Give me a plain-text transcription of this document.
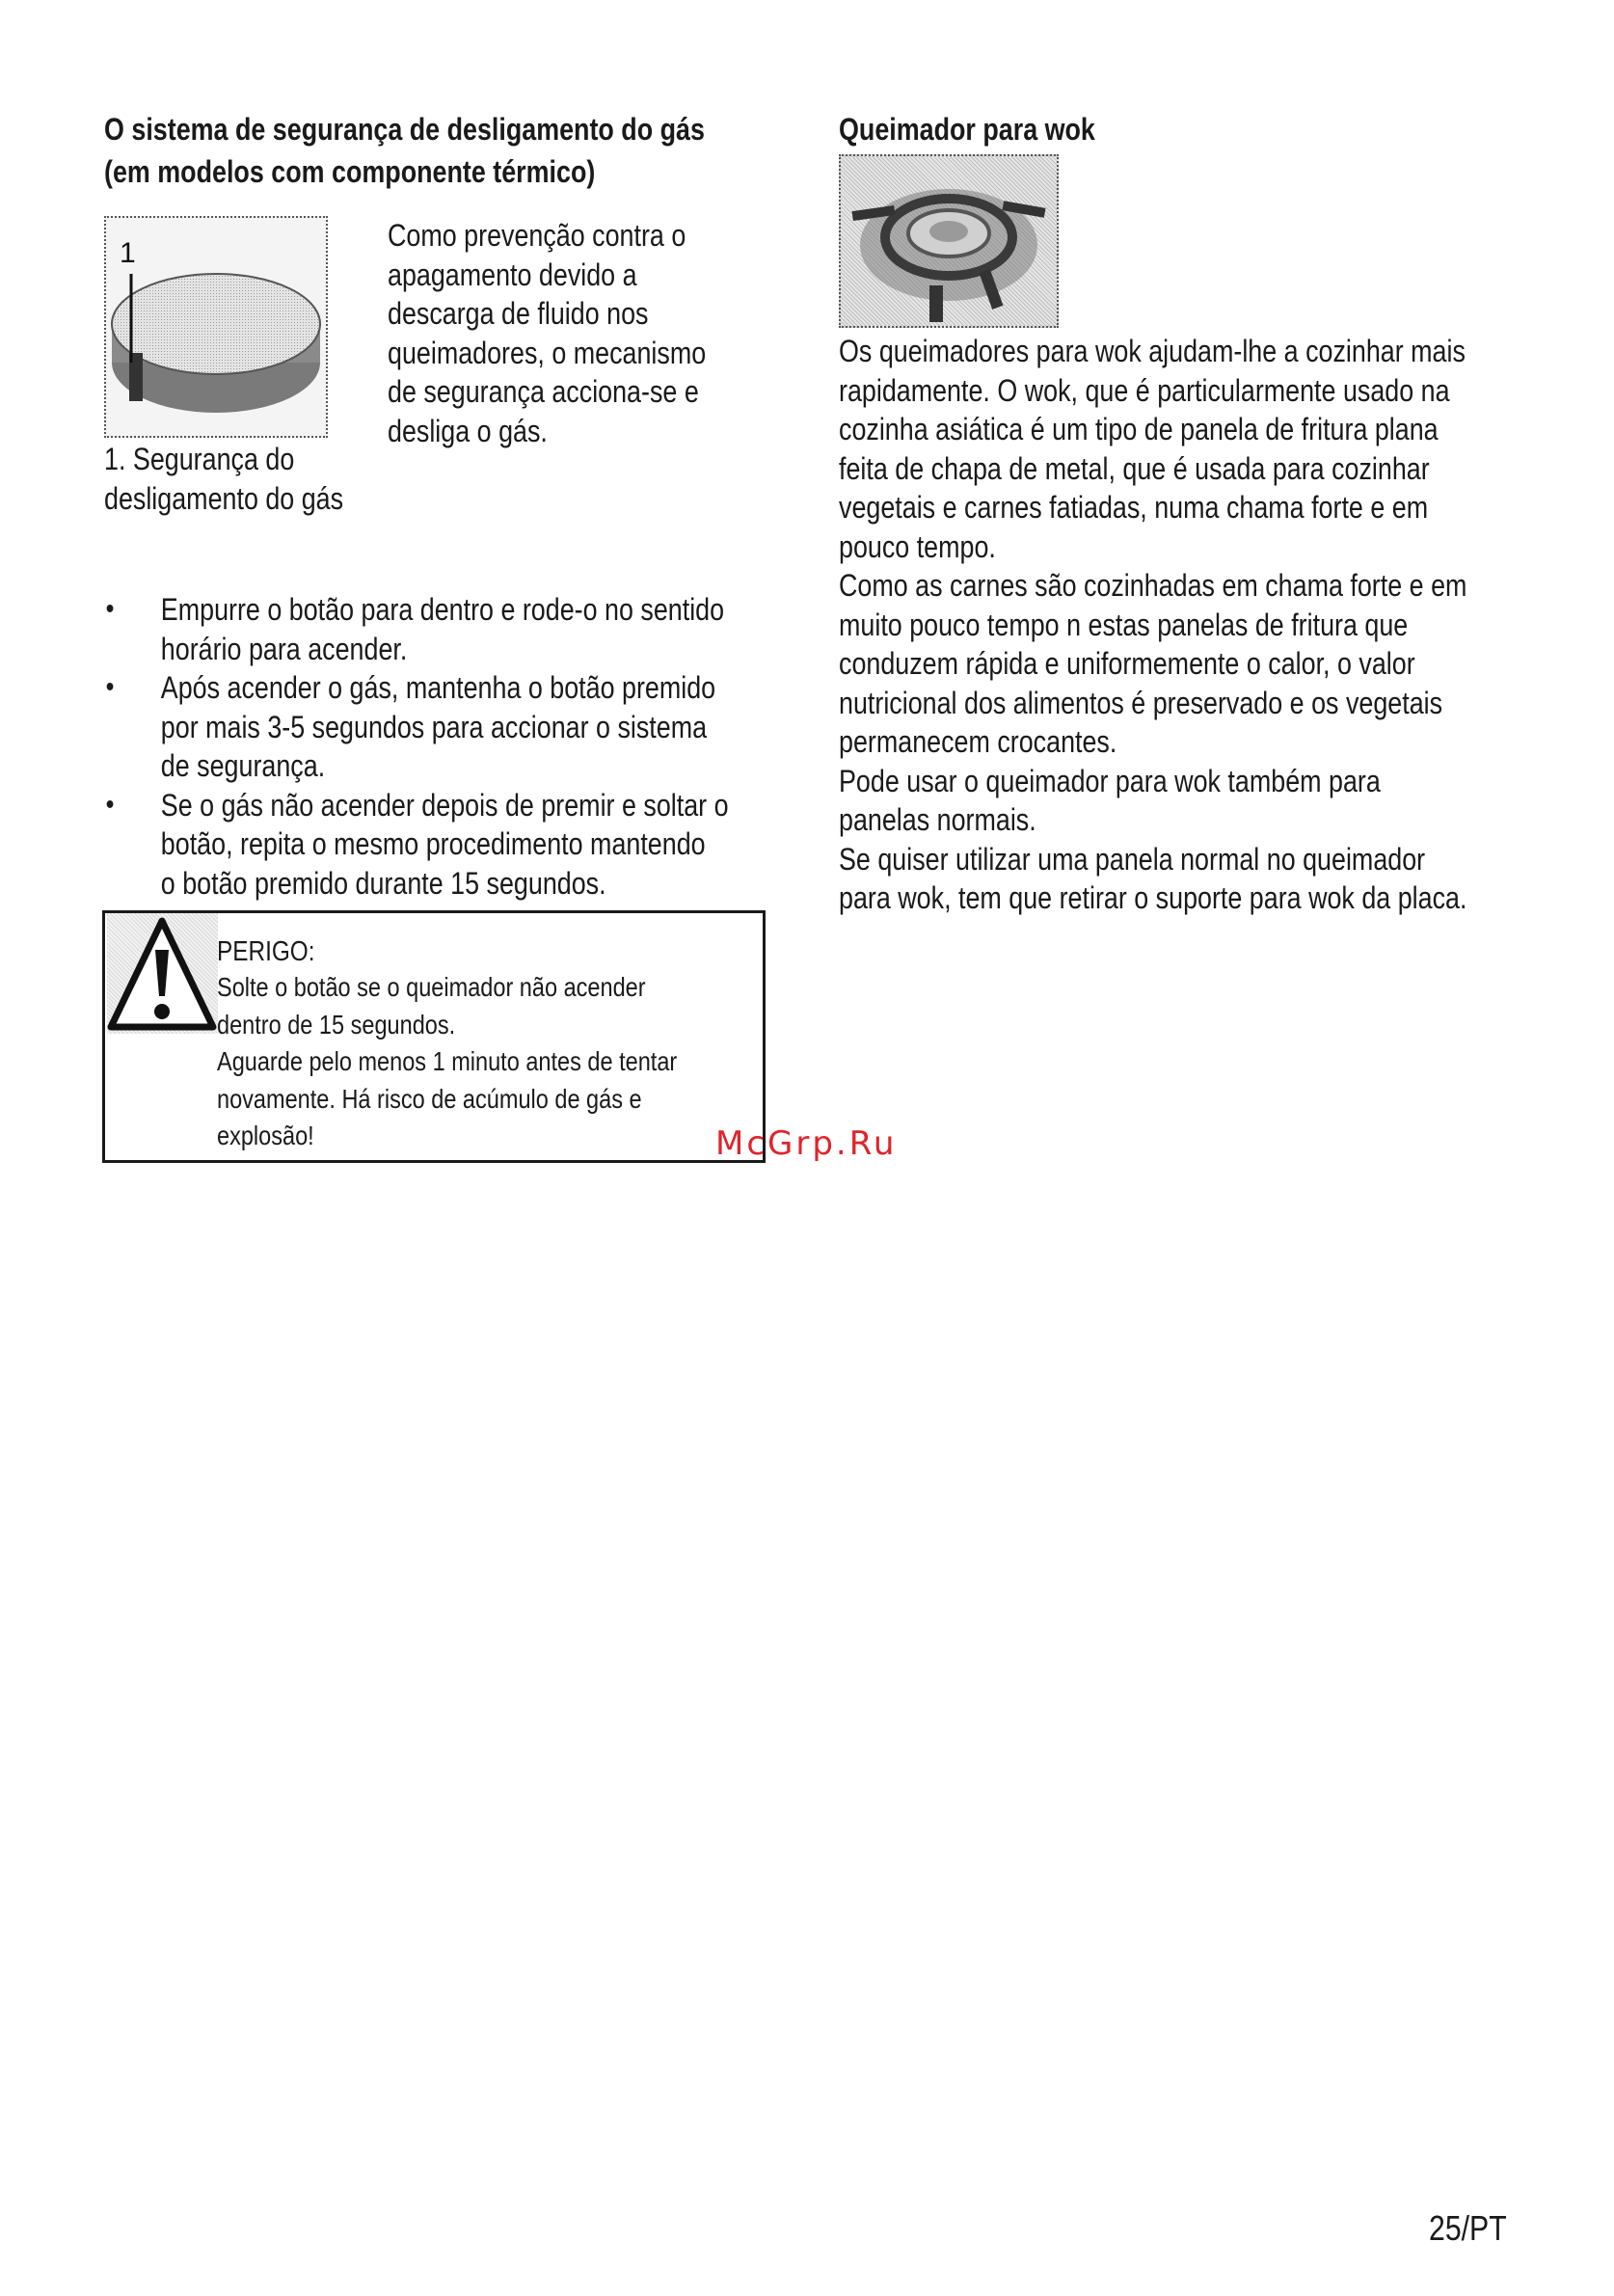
O sistema de segurança de desligamento do gás
(em modelos com componente térmico)
1
1. Segurança do
desligamento do gás
Como prevenção contra o
apagamento devido a
descarga de fluido nos
queimadores, o mecanismo
de segurança acciona-se e
desliga o gás.
• Empurre o botão para dentro e rode-o no sentido
horário para acender.
• Após acender o gás, mantenha o botão premido
por mais 3-5 segundos para accionar o sistema
de segurança.
• Se o gás não acender depois de premir e soltar o
botão, repita o mesmo procedimento mantendo
o botão premido durante 15 segundos.
PERIGO:
Solte o botão se o queimador não acender
dentro de 15 segundos.
Aguarde pelo menos 1 minuto antes de tentar
novamente. Há risco de acúmulo de gás e
explosão!
Queimador para wok
Os queimadores para wok ajudam-lhe a cozinhar mais
rapidamente. O wok, que é particularmente usado na
cozinha asiática é um tipo de panela de fritura plana
feita de chapa de metal, que é usada para cozinhar
vegetais e carnes fatiadas, numa chama forte e em
pouco tempo.
Como as carnes são cozinhadas em chama forte e em
muito pouco tempo n estas panelas de fritura que
conduzem rápida e uniformemente o calor, o valor
nutricional dos alimentos é preservado e os vegetais
permanecem crocantes.
Pode usar o queimador para wok também para
panelas normais.
Se quiser utilizar uma panela normal no queimador
para wok, tem que retirar o suporte para wok da placa.
McGrp.Ru
25/PT
